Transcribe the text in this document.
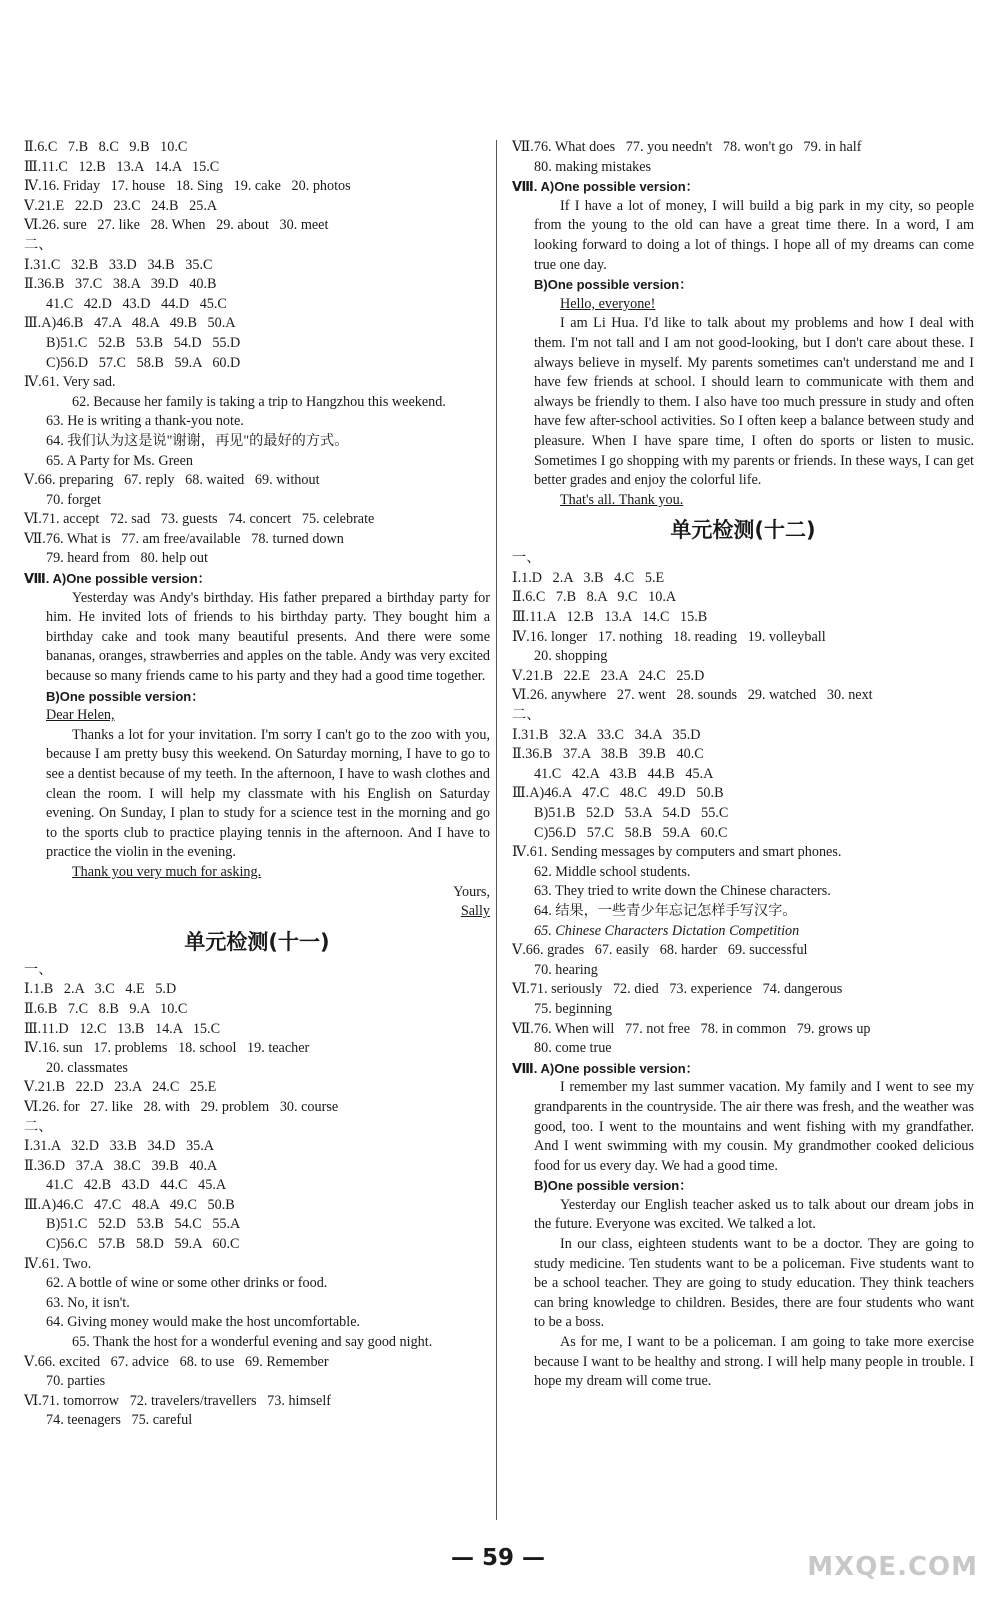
Ⅱ.6.C   7.B   8.C   9.B   10.C
Ⅲ.11.C   12.B   13.A   14.A   15.C
Ⅳ.16. Friday   17. house   18. Sing   19. cake   20. photos
Ⅴ.21.E   22.D   23.C   24.B   25.A
Ⅵ.26. sure   27. like   28. When   29. about   30. meet
二、
Ⅰ.31.C   32.B   33.D   34.B   35.C
Ⅱ.36.B   37.C   38.A   39.D   40.B
41.C   42.D   43.D   44.D   45.C
Ⅲ.A)46.B   47.A   48.A   49.B   50.A
B)51.C   52.B   53.B   54.D   55.D
C)56.D   57.C   58.B   59.A   60.D
Ⅳ.61. Very sad.
62. Because her family is taking a trip to Hangzhou this weekend.
63. He is writing a thank-you note.
64. 我们认为这是说"谢谢，再见"的最好的方式。
65. A Party for Ms. Green
Ⅴ.66. preparing   67. reply   68. waited   69. without
70. forget
Ⅵ.71. accept   72. sad   73. guests   74. concert   75. celebrate
Ⅶ.76. What is   77. am free/available   78. turned down
79. heard from   80. help out
Ⅷ. A)One possible version：
Yesterday was Andy's birthday. His father prepared a birthday party for him. He invited lots of friends to his birthday party. They bought him a birthday cake and took many beautiful presents. And there were some bananas, oranges, strawberries and apples on the table. Andy was very excited because so many friends came to his party and they had a good time together.
B)One possible version：
Dear Helen,
Thanks a lot for your invitation. I'm sorry I can't go to the zoo with you, because I am pretty busy this weekend. On Saturday morning, I have to go to see a dentist because of my teeth. In the afternoon, I have to wash clothes and clean the room. I will help my classmate with his English on Saturday evening. On Sunday, I plan to study for a science test in the morning and go to the sports club to practice playing tennis in the afternoon. And I have to practice the violin in the evening.
Thank you very much for asking.
Yours,
Sally
单元检测(十一)
一、
Ⅰ.1.B   2.A   3.C   4.E   5.D
Ⅱ.6.B   7.C   8.B   9.A   10.C
Ⅲ.11.D   12.C   13.B   14.A   15.C
Ⅳ.16. sun   17. problems   18. school   19. teacher
20. classmates
Ⅴ.21.B   22.D   23.A   24.C   25.E
Ⅵ.26. for   27. like   28. with   29. problem   30. course
二、
Ⅰ.31.A   32.D   33.B   34.D   35.A
Ⅱ.36.D   37.A   38.C   39.B   40.A
41.C   42.B   43.D   44.C   45.A
Ⅲ.A)46.C   47.C   48.A   49.C   50.B
B)51.C   52.D   53.B   54.C   55.A
C)56.C   57.B   58.D   59.A   60.C
Ⅳ.61. Two.
62. A bottle of wine or some other drinks or food.
63. No, it isn't.
64. Giving money would make the host uncomfortable.
65. Thank the host for a wonderful evening and say good night.
Ⅴ.66. excited   67. advice   68. to use   69. Remember
70. parties
Ⅵ.71. tomorrow   72. travelers/travellers   73. himself
74. teenagers   75. careful
Ⅶ.76. What does   77. you needn't   78. won't go   79. in half
80. making mistakes
Ⅷ. A)One possible version：
If I have a lot of money, I will build a big park in my city, so people from the young to the old can have a great time there. In a word, I am looking forward to doing a lot of things. I hope all of my dreams can come true one day.
B)One possible version：
Hello, everyone!
I am Li Hua. I'd like to talk about my problems and how I deal with them. I'm not tall and I am not good-looking, but I don't care about these. I always believe in myself. My parents sometimes can't understand me and I have few friends at school. I should learn to communicate with them and always be friendly to them. I also have too much pressure in study and often have few after-school activities. So I often keep a balance between study and pleasure. When I have spare time, I often do sports or listen to music. Sometimes I go shopping with my parents or friends. In these ways, I can get better grades and enjoy the colorful life.
That's all. Thank you.
单元检测(十二)
一、
Ⅰ.1.D   2.A   3.B   4.C   5.E
Ⅱ.6.C   7.B   8.A   9.C   10.A
Ⅲ.11.A   12.B   13.A   14.C   15.B
Ⅳ.16. longer   17. nothing   18. reading   19. volleyball
20. shopping
Ⅴ.21.B   22.E   23.A   24.C   25.D
Ⅵ.26. anywhere   27. went   28. sounds   29. watched   30. next
二、
Ⅰ.31.B   32.A   33.C   34.A   35.D
Ⅱ.36.B   37.A   38.B   39.B   40.C
41.C   42.A   43.B   44.B   45.A
Ⅲ.A)46.A   47.C   48.C   49.D   50.B
B)51.B   52.D   53.A   54.D   55.C
C)56.D   57.C   58.B   59.A   60.C
Ⅳ.61. Sending messages by computers and smart phones.
62. Middle school students.
63. They tried to write down the Chinese characters.
64. 结果，一些青少年忘记怎样手写汉字。
65. Chinese Characters Dictation Competition
Ⅴ.66. grades   67. easily   68. harder   69. successful
70. hearing
Ⅵ.71. seriously   72. died   73. experience   74. dangerous
75. beginning
Ⅶ.76. When will   77. not free   78. in common   79. grows up
80. come true
Ⅷ. A)One possible version：
I remember my last summer vacation. My family and I went to see my grandparents in the countryside. The air there was fresh, and the weather was good, too. I went to the mountains and went fishing with my grandfather. And I went swimming with my cousin. My grandmother cooked delicious food for us every day. We had a good time.
B)One possible version：
Yesterday our English teacher asked us to talk about our dream jobs in the future. Everyone was excited. We talked a lot.
In our class, eighteen students want to be a doctor. They are going to study medicine. Ten students want to be a policeman. Five students want to be a school teacher. They are going to study education. They think teachers can bring knowledge to children. Besides, there are four students who want to be a boss.
As for me, I want to be a policeman. I am going to take more exercise because I want to be healthy and strong. I will help many people in trouble. I hope my dream will come true.
— 59 —	MXQE.COM
